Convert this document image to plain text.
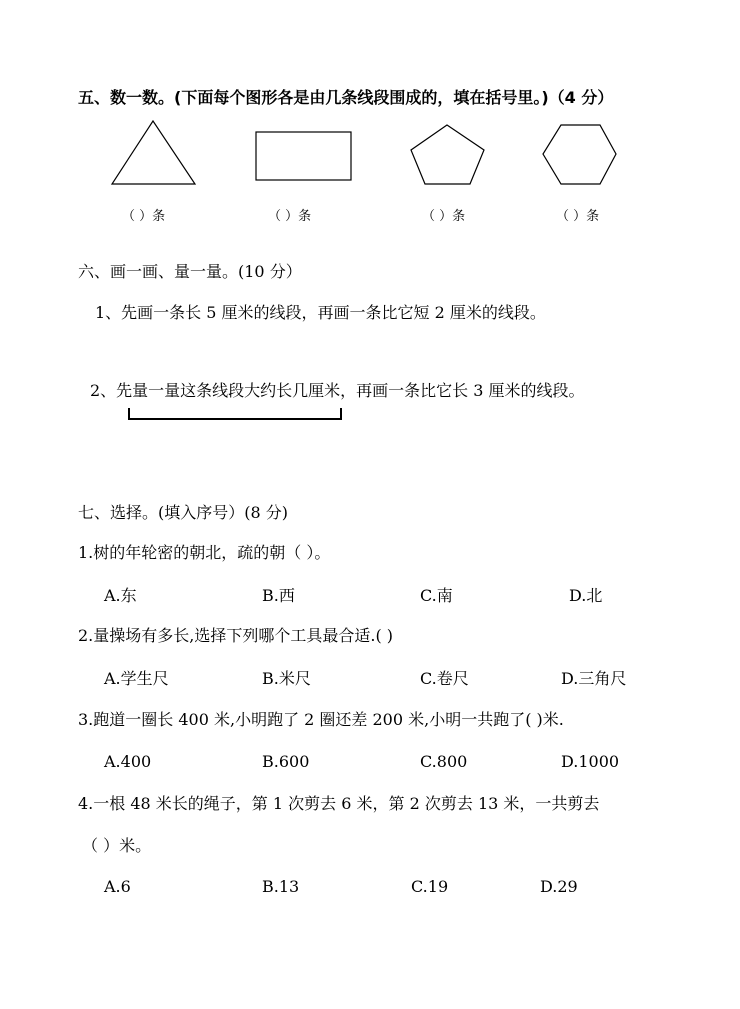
五、数一数。(下面每个图形各是由几条线段围成的，填在括号里。)（4 分）
（ ）条	（ ）条	（ ）条	（ ）条
六、画一画、量一量。(10 分）
1、先画一条长 5 厘米的线段，再画一条比它短 2 厘米的线段。
2、先量一量这条线段大约长几厘米，再画一条比它长 3 厘米的线段。
七、选择。(填入序号）(8 分)
1.树的年轮密的朝北，疏的朝（ ）。
A.东	B.西	C.南	D.北
2.量操场有多长,选择下列哪个工具最合适.( )
A.学生尺	B.米尺	C.卷尺	D.三角尺
3.跑道一圈长 400 米,小明跑了 2 圈还差 200 米,小明一共跑了( )米.
A.400	B.600	C.800	D.1000
4.一根 48 米长的绳子，第 1 次剪去 6 米，第 2 次剪去 13 米，一共剪去
（ ）米。
A.6	B.13	C.19	D.29
